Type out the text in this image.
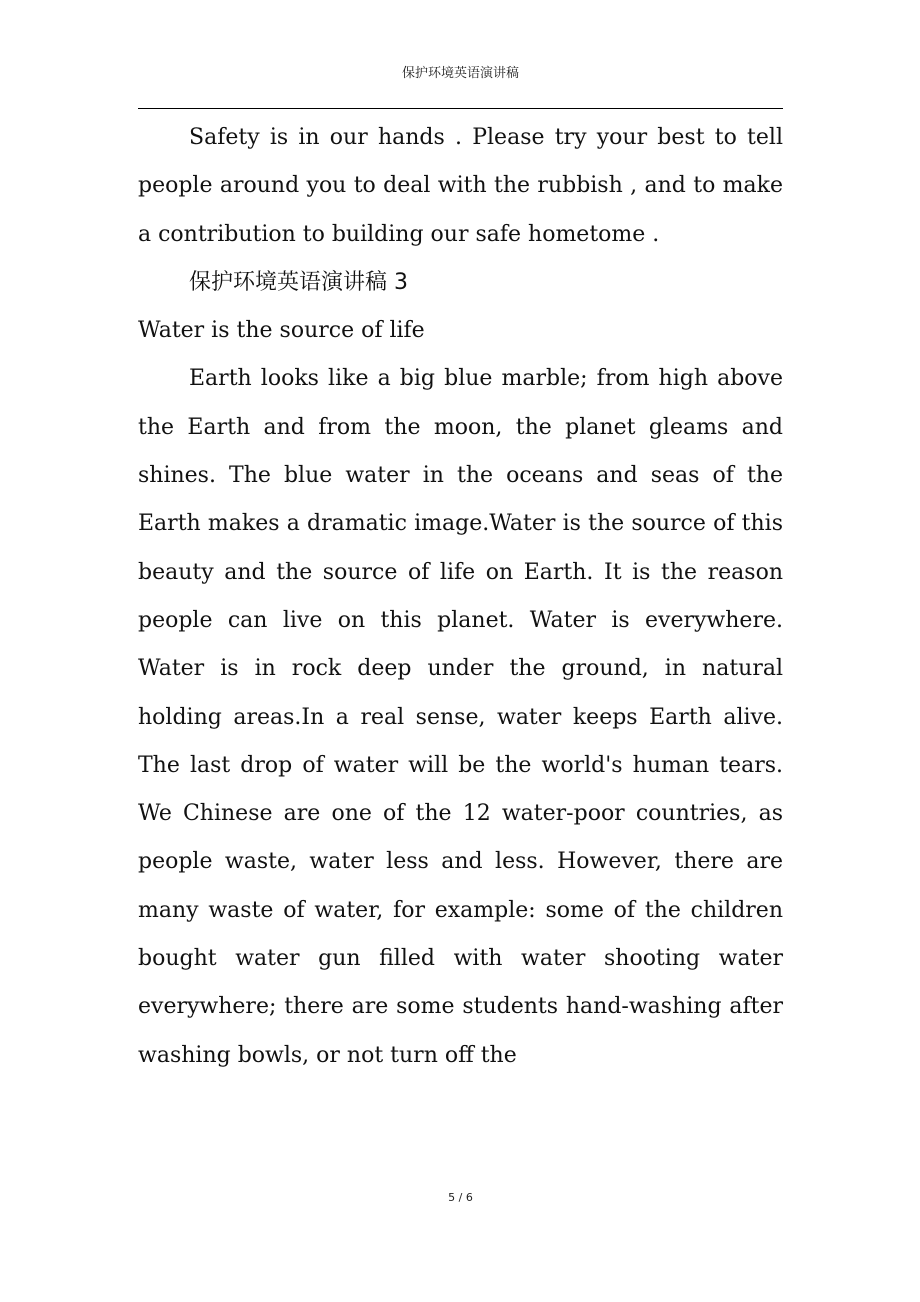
保护环境英语演讲稿

Safety is in our hands . Please try your best to tell people around you to deal with the rubbish , and to make a contribution to building our safe hometome .

保护环境英语演讲稿 3

Water is the source of life

Earth looks like a big blue marble; from high above the Earth and from the moon, the planet gleams and shines. The blue water in the oceans and seas of the Earth makes a dramatic image.Water is the source of this beauty and the source of life on Earth. It is the reason people can live on this planet. Water is everywhere. Water is in rock deep under the ground, in natural holding areas.In a real sense, water keeps Earth alive. The last drop of water will be the world's human tears. We Chinese are one of the 12 water-poor countries, as people waste, water less and less. However, there are many waste of water, for example: some of the children bought water gun filled with water shooting water everywhere; there are some students hand-washing after washing bowls, or not turn off the

5 / 6
